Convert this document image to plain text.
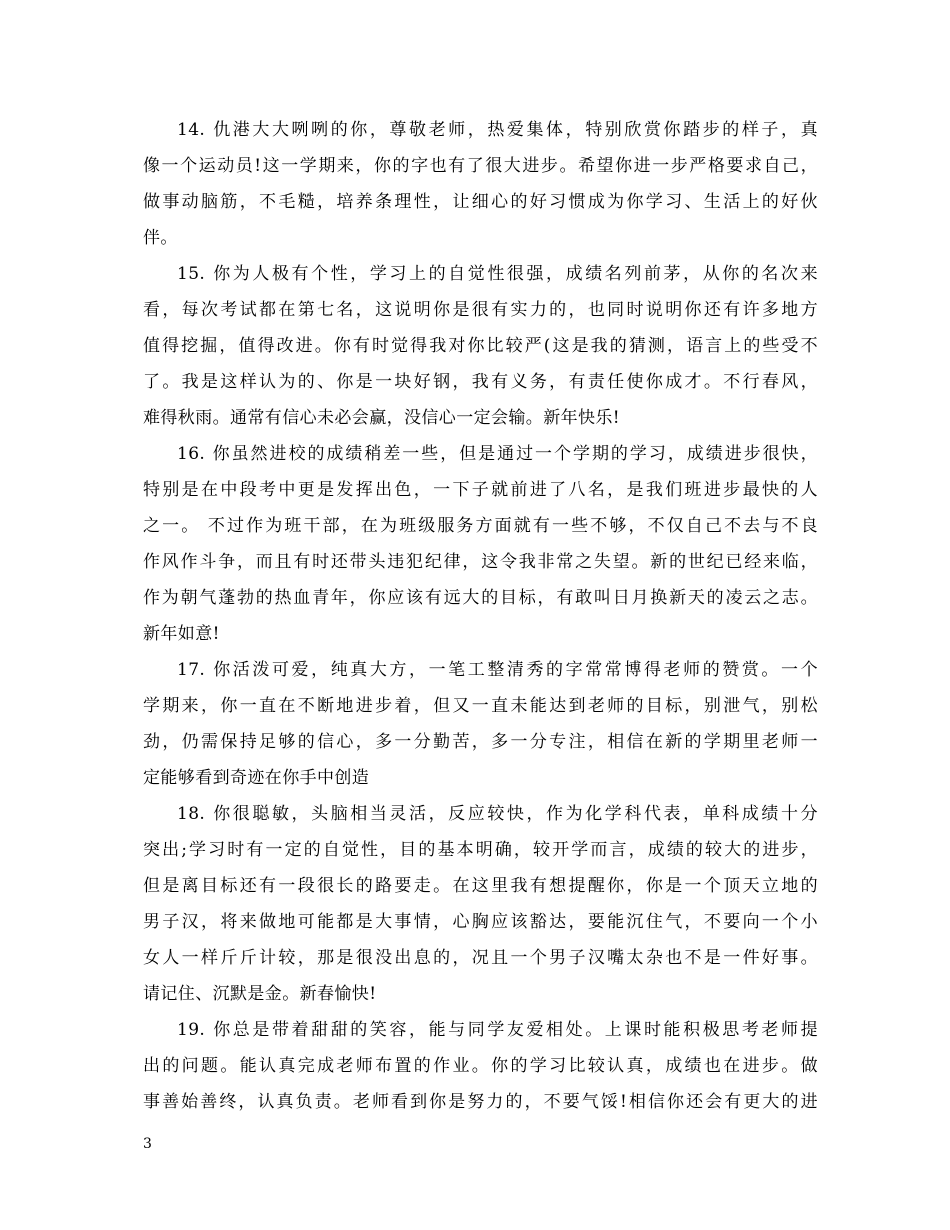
14. 仇港大大咧咧的你，尊敬老师，热爱集体，特别欣赏你踏步的样子，真
像一个运动员!这一学期来，你的字也有了很大进步。希望你进一步严格要求自己，
做事动脑筋，不毛糙，培养条理性，让细心的好习惯成为你学习、生活上的好伙
伴。
15. 你为人极有个性，学习上的自觉性很强，成绩名列前茅，从你的名次来
看，每次考试都在第七名，这说明你是很有实力的，也同时说明你还有许多地方
值得挖掘，值得改进。你有时觉得我对你比较严(这是我的猜测，语言上的些受不
了。我是这样认为的、你是一块好钢，我有义务，有责任使你成才。不行春风，
难得秋雨。通常有信心未必会赢，没信心一定会输。新年快乐!
16. 你虽然进校的成绩稍差一些，但是通过一个学期的学习，成绩进步很快，
特别是在中段考中更是发挥出色，一下子就前进了八名，是我们班进步最快的人
之一。 不过作为班干部，在为班级服务方面就有一些不够，不仅自己不去与不良
作风作斗争，而且有时还带头违犯纪律，这令我非常之失望。新的世纪已经来临，
作为朝气蓬勃的热血青年，你应该有远大的目标，有敢叫日月换新天的凌云之志。
新年如意!
17. 你活泼可爱，纯真大方，一笔工整清秀的字常常博得老师的赞赏。一个
学期来，你一直在不断地进步着，但又一直未能达到老师的目标，别泄气，别松
劲，仍需保持足够的信心，多一分勤苦，多一分专注，相信在新的学期里老师一
定能够看到奇迹在你手中创造
18. 你很聪敏，头脑相当灵活，反应较快，作为化学科代表，单科成绩十分
突出;学习时有一定的自觉性，目的基本明确，较开学而言，成绩的较大的进步，
但是离目标还有一段很长的路要走。在这里我有想提醒你，你是一个顶天立地的
男子汉，将来做地可能都是大事情，心胸应该豁达，要能沉住气，不要向一个小
女人一样斤斤计较，那是很没出息的，况且一个男子汉嘴太杂也不是一件好事。
请记住、沉默是金。新春愉快!
19. 你总是带着甜甜的笑容，能与同学友爱相处。上课时能积极思考老师提
出的问题。能认真完成老师布置的作业。你的学习比较认真，成绩也在进步。做
事善始善终，认真负责。老师看到你是努力的，不要气馁!相信你还会有更大的进
3
